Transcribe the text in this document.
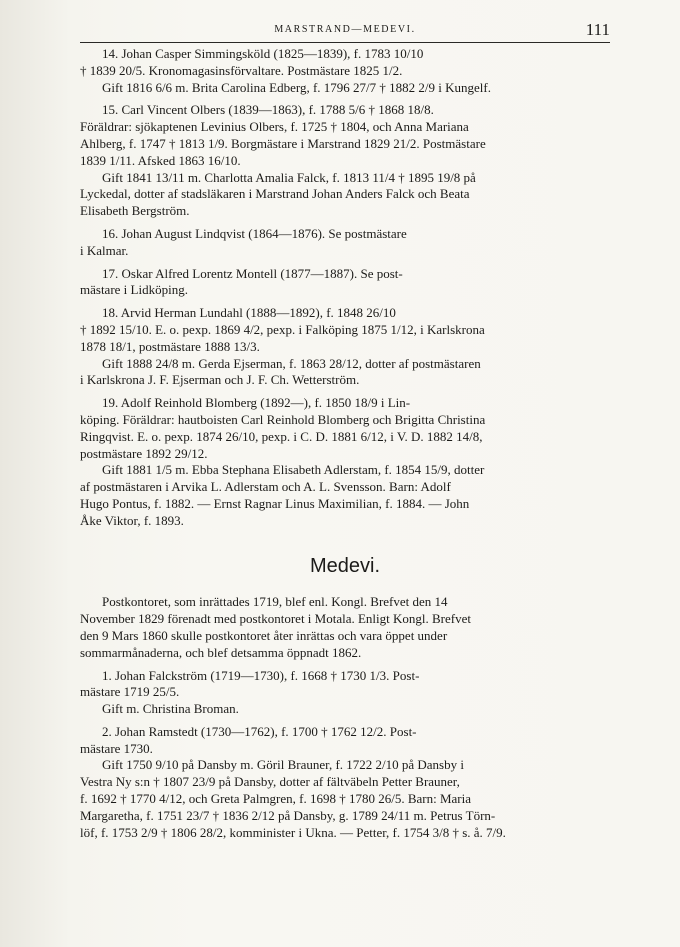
MARSTRAND—MEDEVI.	111

14. Johan Casper Simmingsköld (1825—1839), f. 1783 10/10

† 1839 20/5. Kronomagasinsförvaltare. Postmästare 1825 1/2.

Gift 1816 6/6 m. Brita Carolina Edberg, f. 1796 27/7 † 1882 2/9 i Kungelf.

15. Carl Vincent Olbers (1839—1863), f. 1788 5/6 † 1868 18/8.

Föräldrar: sjökaptenen Levinius Olbers, f. 1725 † 1804, och Anna Mariana

Ahlberg, f. 1747 † 1813 1/9. Borgmästare i Marstrand 1829 21/2. Postmästare

1839 1/11. Afsked 1863 16/10.

Gift 1841 13/11 m. Charlotta Amalia Falck, f. 1813 11/4 † 1895 19/8 på

Lyckedal, dotter af stadsläkaren i Marstrand Johan Anders Falck och Beata

Elisabeth Bergström.

16. Johan August Lindqvist (1864—1876). Se postmästare

i Kalmar.

17. Oskar Alfred Lorentz Montell (1877—1887). Se post-

mästare i Lidköping.

18. Arvid Herman Lundahl (1888—1892), f. 1848 26/10

† 1892 15/10. E. o. pexp. 1869 4/2, pexp. i Falköping 1875 1/12, i Karlskrona

1878 18/1, postmästare 1888 13/3.

Gift 1888 24/8 m. Gerda Ejserman, f. 1863 28/12, dotter af postmästaren

i Karlskrona J. F. Ejserman och J. F. Ch. Wetterström.

19. Adolf Reinhold Blomberg (1892—), f. 1850 18/9 i Lin-

köping. Föräldrar: hautboisten Carl Reinhold Blomberg och Brigitta Christina

Ringqvist. E. o. pexp. 1874 26/10, pexp. i C. D. 1881 6/12, i V. D. 1882 14/8,

postmästare 1892 29/12.

Gift 1881 1/5 m. Ebba Stephana Elisabeth Adlerstam, f. 1854 15/9, dotter

af postmästaren i Arvika L. Adlerstam och A. L. Svensson. Barn: Adolf

Hugo Pontus, f. 1882. — Ernst Ragnar Linus Maximilian, f. 1884. — John

Åke Viktor, f. 1893.

Medevi.

Postkontoret, som inrättades 1719, blef enl. Kongl. Brefvet den 14

November 1829 förenadt med postkontoret i Motala. Enligt Kongl. Brefvet

den 9 Mars 1860 skulle postkontoret åter inrättas och vara öppet under

sommarmånaderna, och blef detsamma öppnadt 1862.

1. Johan Falckström (1719—1730), f. 1668 † 1730 1/3. Post-

mästare 1719 25/5.

Gift m. Christina Broman.

2. Johan Ramstedt (1730—1762), f. 1700 † 1762 12/2. Post-

mästare 1730.

Gift 1750 9/10 på Dansby m. Göril Brauner, f. 1722 2/10 på Dansby i

Vestra Ny s:n † 1807 23/9 på Dansby, dotter af fältväbeln Petter Brauner,

f. 1692 † 1770 4/12, och Greta Palmgren, f. 1698 † 1780 26/5. Barn: Maria

Margaretha, f. 1751 23/7 † 1836 2/12 på Dansby, g. 1789 24/11 m. Petrus Törn-

löf, f. 1753 2/9 † 1806 28/2, komminister i Ukna. — Petter, f. 1754 3/8 † s. å. 7/9.
